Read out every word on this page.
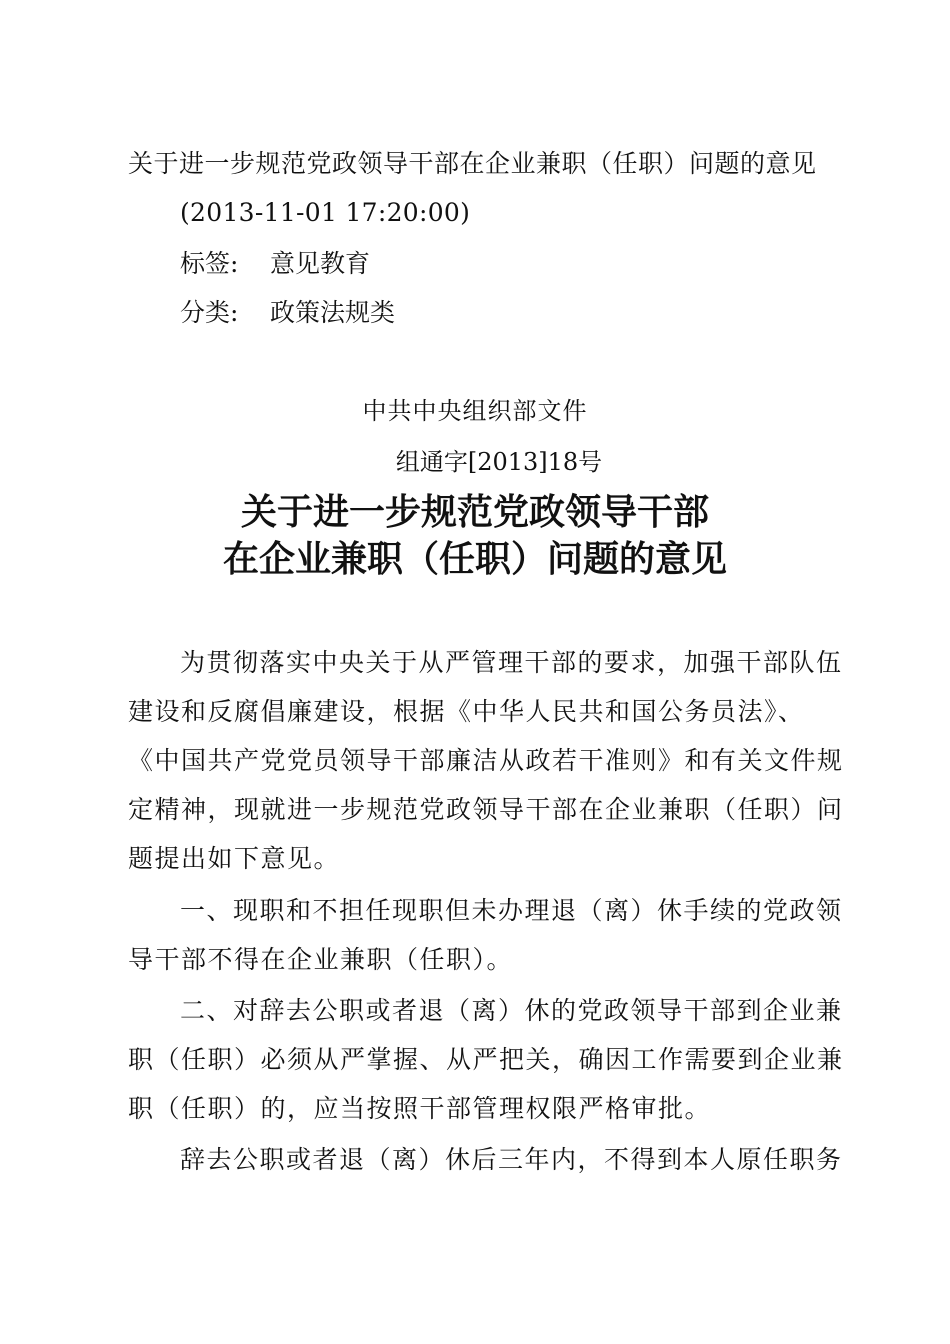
关于进一步规范党政领导干部在企业兼职（任职）问题的意见
(2013-11-01 17:20:00)
标签: 意见教育
分类: 政策法规类
中共中央组织部文件
组通字[2013]18号
关于进一步规范党政领导干部
在企业兼职（任职）问题的意见
为贯彻落实中央关于从严管理干部的要求，加强干部队伍
建设和反腐倡廉建设，根据《中华人民共和国公务员法》、
《中国共产党党员领导干部廉洁从政若干准则》和有关文件规
定精神，现就进一步规范党政领导干部在企业兼职（任职）问
题提出如下意见。
一、现职和不担任现职但未办理退（离）休手续的党政领
导干部不得在企业兼职（任职）。
二、对辞去公职或者退（离）休的党政领导干部到企业兼
职（任职）必须从严掌握、从严把关，确因工作需要到企业兼
职（任职）的，应当按照干部管理权限严格审批。
辞去公职或者退（离）休后三年内，不得到本人原任职务
